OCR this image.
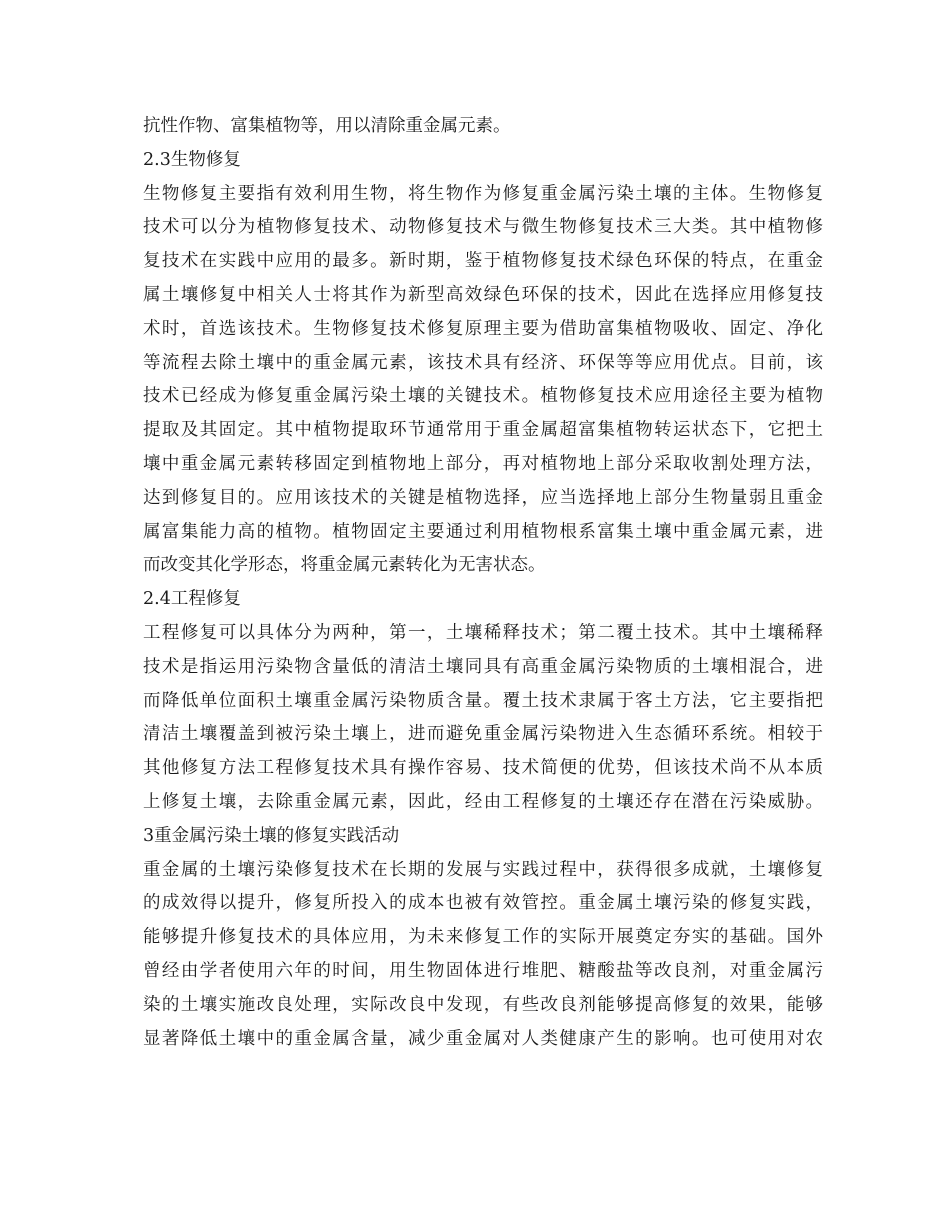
抗性作物、富集植物等，用以清除重金属元素。
2.3生物修复
生物修复主要指有效利用生物，将生物作为修复重金属污染土壤的主体。生物修复
技术可以分为植物修复技术、动物修复技术与微生物修复技术三大类。其中植物修
复技术在实践中应用的最多。新时期，鉴于植物修复技术绿色环保的特点，在重金
属土壤修复中相关人士将其作为新型高效绿色环保的技术，因此在选择应用修复技
术时，首选该技术。生物修复技术修复原理主要为借助富集植物吸收、固定、净化
等流程去除土壤中的重金属元素，该技术具有经济、环保等等应用优点。目前，该
技术已经成为修复重金属污染土壤的关键技术。植物修复技术应用途径主要为植物
提取及其固定。其中植物提取环节通常用于重金属超富集植物转运状态下，它把土
壤中重金属元素转移固定到植物地上部分，再对植物地上部分采取收割处理方法，
达到修复目的。应用该技术的关键是植物选择，应当选择地上部分生物量弱且重金
属富集能力高的植物。植物固定主要通过利用植物根系富集土壤中重金属元素，进
而改变其化学形态，将重金属元素转化为无害状态。
2.4工程修复
工程修复可以具体分为两种，第一，土壤稀释技术；第二覆土技术。其中土壤稀释
技术是指运用污染物含量低的清洁土壤同具有高重金属污染物质的土壤相混合，进
而降低单位面积土壤重金属污染物质含量。覆土技术隶属于客土方法，它主要指把
清洁土壤覆盖到被污染土壤上，进而避免重金属污染物进入生态循环系统。相较于
其他修复方法工程修复技术具有操作容易、技术简便的优势，但该技术尚不从本质
上修复土壤，去除重金属元素，因此，经由工程修复的土壤还存在潜在污染威胁。
3重金属污染土壤的修复实践活动
重金属的土壤污染修复技术在长期的发展与实践过程中，获得很多成就，土壤修复
的成效得以提升，修复所投入的成本也被有效管控。重金属土壤污染的修复实践，
能够提升修复技术的具体应用，为未来修复工作的实际开展奠定夯实的基础。国外
曾经由学者使用六年的时间，用生物固体进行堆肥、糖酸盐等改良剂，对重金属污
染的土壤实施改良处理，实际改良中发现，有些改良剂能够提高修复的效果，能够
显著降低土壤中的重金属含量，减少重金属对人类健康产生的影响。也可使用对农
